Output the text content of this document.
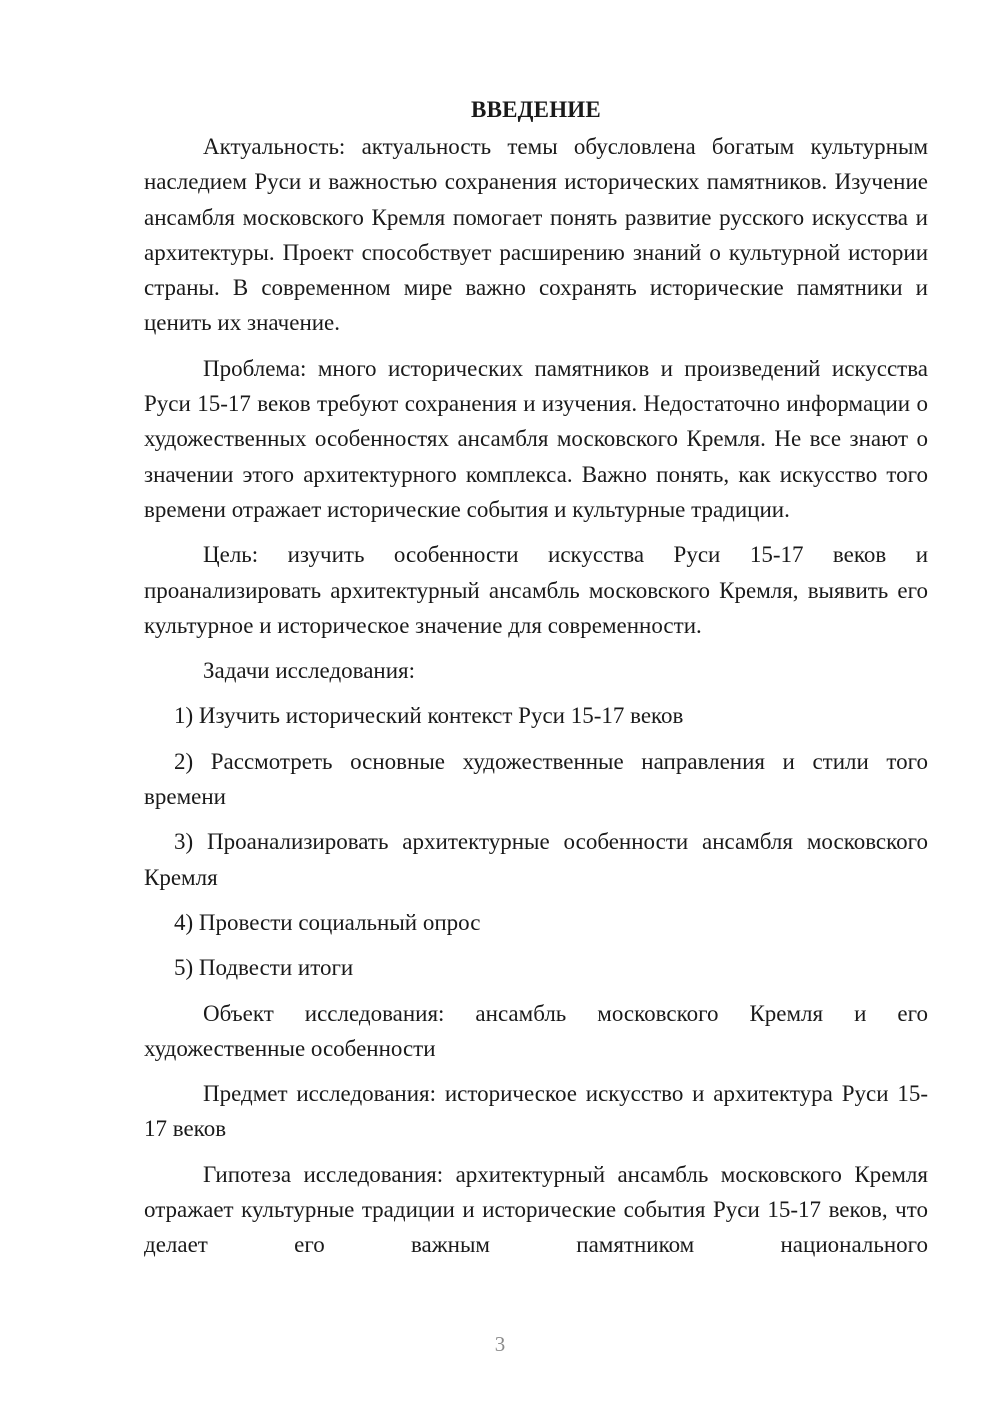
ВВЕДЕНИЕ

Актуальность: актуальность темы обусловлена богатым культурным наследием Руси и важностью сохранения исторических памятников. Изучение ансамбля московского Кремля помогает понять развитие русского искусства и архитектуры. Проект способствует расширению знаний о культурной истории страны. В современном мире важно сохранять исторические памятники и ценить их значение.

Проблема: много исторических памятников и произведений искусства Руси 15-17 веков требуют сохранения и изучения. Недостаточно информации о художественных особенностях ансамбля московского Кремля. Не все знают о значении этого архитектурного комплекса. Важно понять, как искусство того времени отражает исторические события и культурные традиции.

Цель: изучить особенности искусства Руси 15-17 веков и проанализировать архитектурный ансамбль московского Кремля, выявить его культурное и историческое значение для современности.

Задачи исследования:

1) Изучить исторический контекст Руси 15-17 веков

2) Рассмотреть основные художественные направления и стили того времени

3) Проанализировать архитектурные особенности ансамбля московского Кремля

4) Провести социальный опрос

5) Подвести итоги

Объект исследования: ансамбль московского Кремля и его художественные особенности

Предмет исследования: историческое искусство и архитектура Руси 15-17 веков

Гипотеза исследования: архитектурный ансамбль московского Кремля отражает культурные традиции и исторические события Руси 15-17 веков, что делает его важным памятником национального

3
